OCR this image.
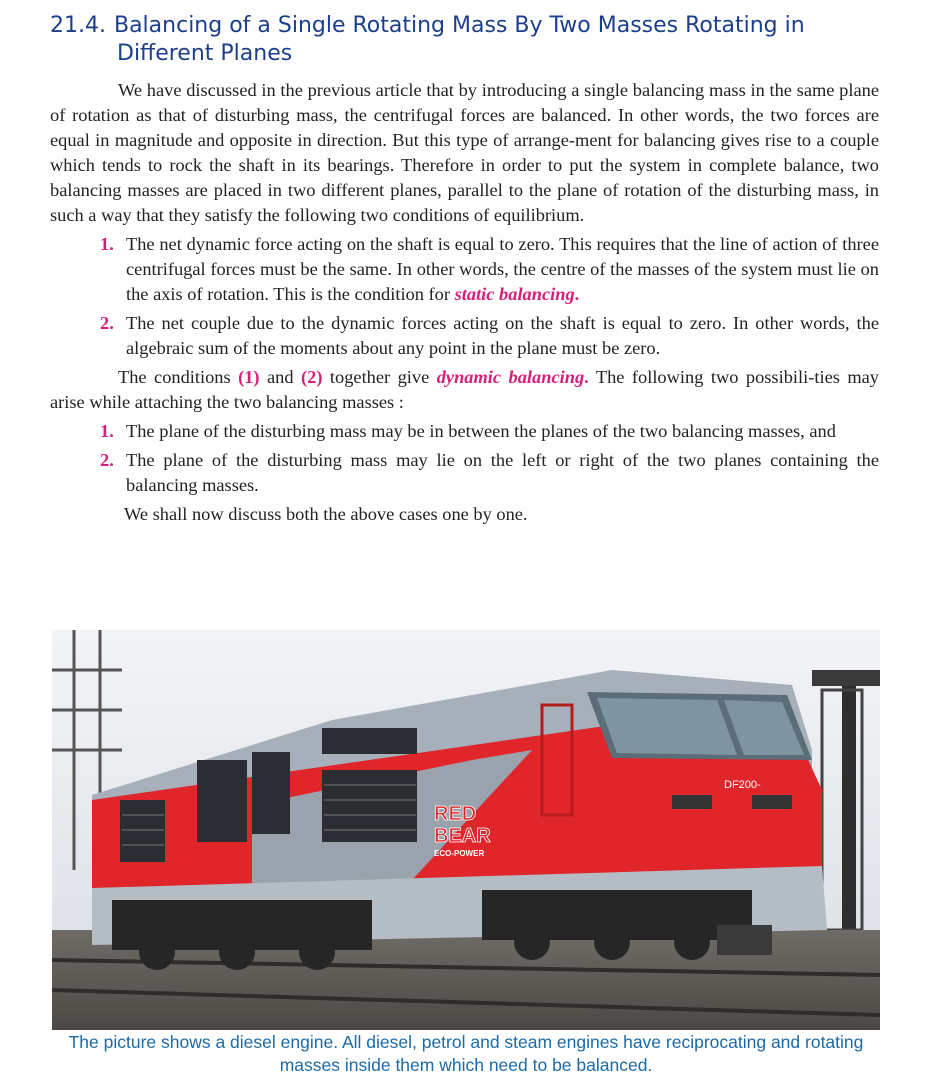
21.4. Balancing of a Single Rotating Mass By Two Masses Rotating in
Different Planes

We have discussed in the previous article that by introducing a single balancing mass in the same plane of rotation as that of disturbing mass, the centrifugal forces are balanced. In other words, the two forces are equal in magnitude and opposite in direction. But this type of arrange-ment for balancing gives rise to a couple which tends to rock the shaft in its bearings. Therefore in order to put the system in complete balance, two balancing masses are placed in two different planes, parallel to the plane of rotation of the disturbing mass, in such a way that they satisfy the following two conditions of equilibrium.

1. The net dynamic force acting on the shaft is equal to zero. This requires that the line of action of three centrifugal forces must be the same. In other words, the centre of the masses of the system must lie on the axis of rotation. This is the condition for static balancing.
2. The net couple due to the dynamic forces acting on the shaft is equal to zero. In other words, the algebraic sum of the moments about any point in the plane must be zero.

The conditions (1) and (2) together give dynamic balancing. The following two possibili-ties may arise while attaching the two balancing masses :

1. The plane of the disturbing mass may be in between the planes of the two balancing masses, and
2. The plane of the disturbing mass may lie on the left or right of the two planes containing the balancing masses.

We shall now discuss both the above cases one by one.

RED
BEAR
ECO-POWER
DF200-
The picture shows a diesel engine. All diesel, petrol and steam engines have reciprocating and rotating masses inside them which need to be balanced.
